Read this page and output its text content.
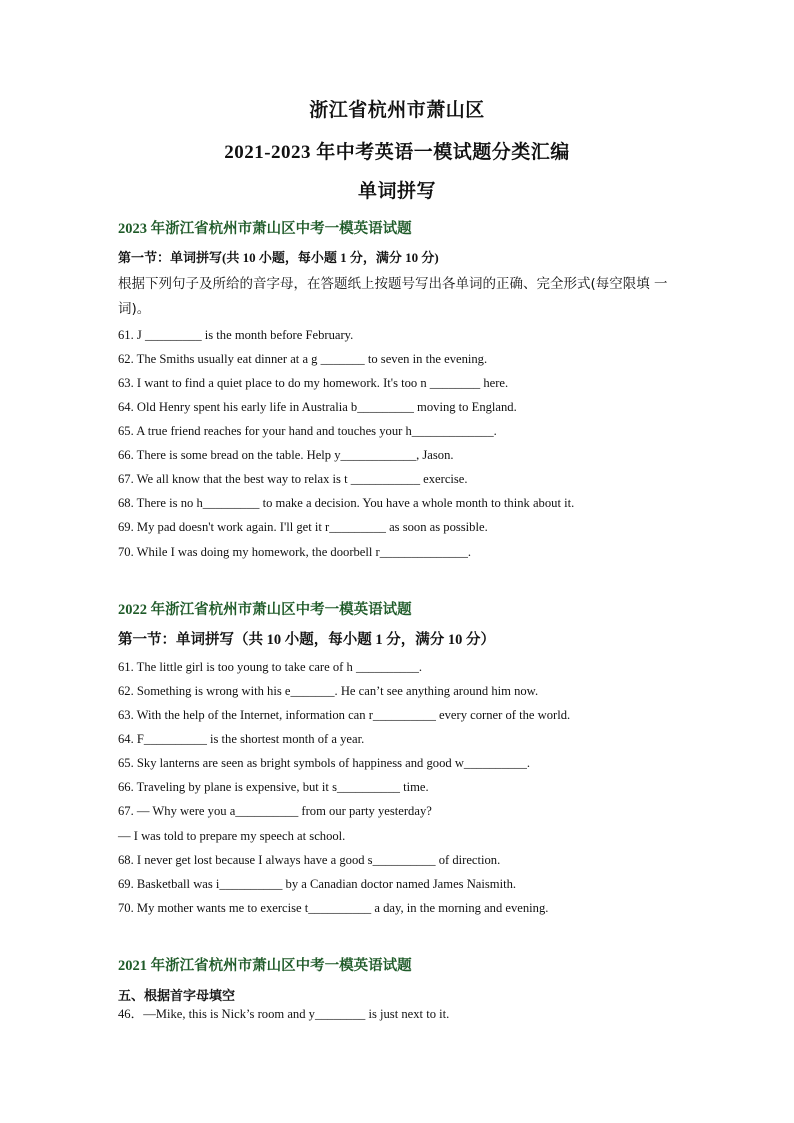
浙江省杭州市萧山区
2021-2023 年中考英语一模试题分类汇编
单词拼写
2023 年浙江省杭州市萧山区中考一模英语试题
第一节：单词拼写(共 10 小题，每小题 1 分，满分 10 分)
根据下列句子及所给的音字母，在答题纸上按题号写出各单词的正确、完全形式(每空限填 一 词)。
61. J _________ is the month before February.
62. The Smiths usually eat dinner at a g _______ to seven in the evening.
63. I want to find a quiet place to do my homework. It's too n ________ here.
64. Old Henry spent his early life in Australia b_________ moving to England.
65. A true friend reaches for your hand and touches your h_____________.
66. There is some bread on the table. Help y____________, Jason.
67. We all know that the best way to relax is t ___________ exercise.
68. There is no h_________ to make a decision. You have a whole month to think about it.
69. My pad doesn't work again. I'll get it r_________ as soon as possible.
70. While I was doing my homework, the doorbell r______________.
2022 年浙江省杭州市萧山区中考一模英语试题
第一节：单词拼写（共 10 小题，每小题 1 分，满分 10 分）
61. The little girl is too young to take care of h __________.
62. Something is wrong with his e_______. He can’t see anything around him now.
63. With the help of the Internet, information can r__________ every corner of the world.
64. F__________ is the shortest month of a year.
65. Sky lanterns are seen as bright symbols of happiness and good w__________.
66. Traveling by plane is expensive, but it s__________ time.
67. — Why were you a__________ from our party yesterday?
— I was told to prepare my speech at school.
68. I never get lost because I always have a good s__________ of direction.
69. Basketball was i__________ by a Canadian doctor named James Naismith.
70. My mother wants me to exercise t__________ a day, in the morning and evening.
2021 年浙江省杭州市萧山区中考一模英语试题
五、根据首字母填空
46．—Mike, this is Nick’s room and y________ is just next to it.
